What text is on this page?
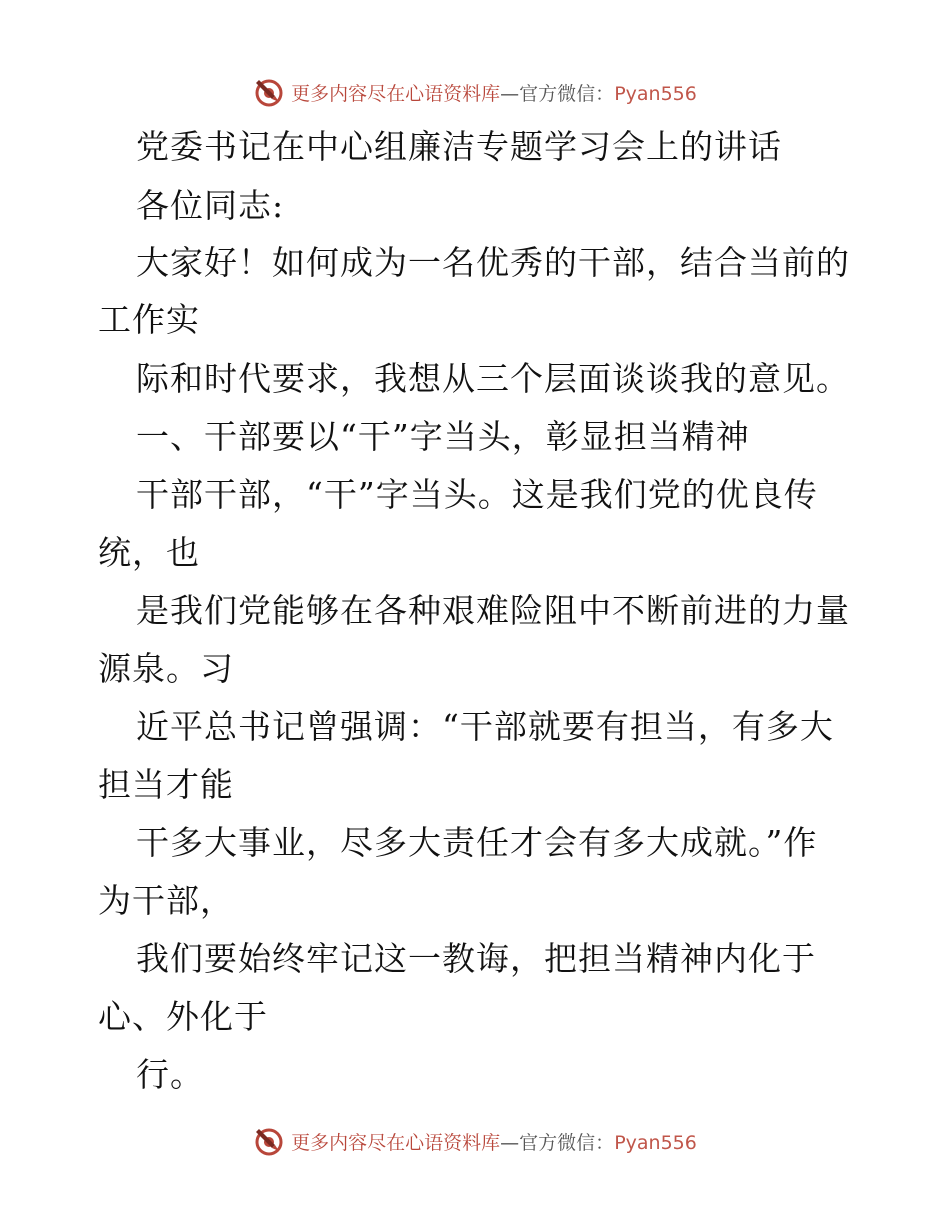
更多内容尽在心语资料库—官方微信：Pyan556
党委书记在中心组廉洁专题学习会上的讲话
各位同志:
大家好！如何成为一名优秀的干部，结合当前的
工作实
际和时代要求，我想从三个层面谈谈我的意见。
一、干部要以“干”字当头，彰显担当精神
干部干部，“干”字当头。这是我们党的优良传
统，也
是我们党能够在各种艰难险阻中不断前进的力量
源泉。习
近平总书记曾强调：“干部就要有担当，有多大
担当才能
干多大事业，尽多大责任才会有多大成就。”作
为干部，
我们要始终牢记这一教诲，把担当精神内化于
心、外化于
行。
更多内容尽在心语资料库—官方微信：Pyan556
